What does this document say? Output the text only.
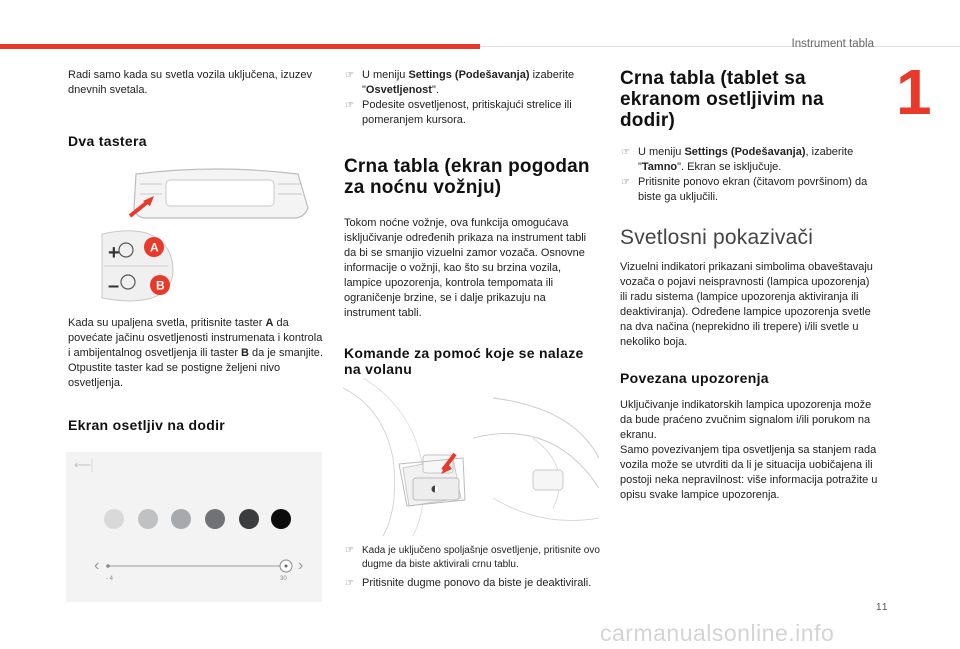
Instrument tabla
1
11
carmanualsonline.info

Radi samo kada su svetla vozila uključena, izuzev dnevnih svetala.

Dva tastera
+
–
A
B

Kada su upaljena svetla, pritisnite taster A da povećate jačinu osvetljenosti instrumenata i kontrola i ambijentalnog osvetljenja ili taster B da je smanjite.

Otpustite taster kad se postigne željeni nivo osvetljenja.

Ekran osetljiv na dodir
⟵
‹	›
- 4	30
☞ U meniju Settings (Podešavanja) izaberite "Osvetljenost".
☞ Podesite osvetljenost, pritiskajući strelice ili pomeranjem kursora.
Crna tabla (ekran pogodan za noćnu vožnju)

Tokom noćne vožnje, ova funkcija omogućava isključivanje određenih prikaza na instrument tabli da bi se smanjio vizuelni zamor vozača. Osnovne informacije o vožnji, kao što su brzina vozila, lampice upozorenja, kontrola tempomata ili ograničenje brzine, se i dalje prikazuju na instrument tabli.

Komande za pomoć koje se nalaze na volanu
☞ Kada je uključeno spoljašnje osvetljenje, pritisnite ovo dugme da biste aktivirali crnu tablu.
☞ Pritisnite dugme ponovo da biste je deaktivirali.
Crna tabla (tablet sa ekranom osetljivim na dodir)
☞ U meniju Settings (Podešavanja), izaberite "Tamno". Ekran se isključuje.
☞ Pritisnite ponovo ekran (čitavom površinom) da biste ga uključili.
Svetlosni pokazivači

Vizuelni indikatori prikazani simbolima obaveštavaju vozača o pojavi neispravnosti (lampica upozorenja) ili radu sistema (lampice upozorenja aktiviranja ili deaktiviranja). Određene lampice upozorenja svetle na dva načina (neprekidno ili trepere) i/ili svetle u nekoliko boja.

Povezana upozorenja

Uključivanje indikatorskih lampica upozorenja može da bude praćeno zvučnim signalom i/ili porukom na ekranu.

Samo povezivanjem tipa osvetljenja sa stanjem rada vozila može se utvrditi da li je situacija uobičajena ili postoji neka nepravilnost: više informacija potražite u opisu svake lampice upozorenja.
